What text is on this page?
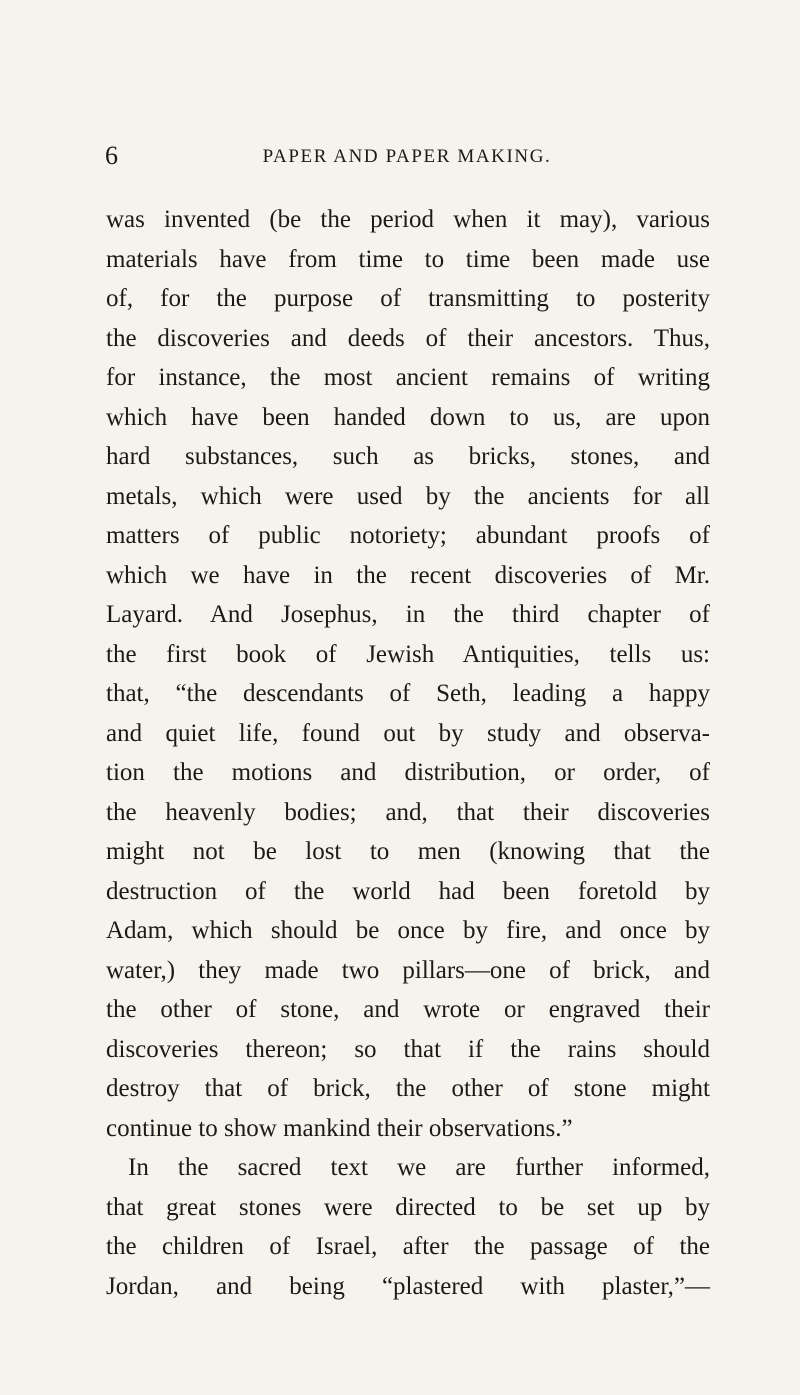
6	PAPER AND PAPER MAKING.
was invented (be the period when it may), various
materials have from time to time been made use
of, for the purpose of transmitting to posterity
the discoveries and deeds of their ancestors. Thus,
for instance, the most ancient remains of writing
which have been handed down to us, are upon
hard substances, such as bricks, stones, and
metals, which were used by the ancients for all
matters of public notoriety; abundant proofs of
which we have in the recent discoveries of Mr.
Layard. And Josephus, in the third chapter of
the first book of Jewish Antiquities, tells us:
that, “the descendants of Seth, leading a happy
and quiet life, found out by study and observa-
tion the motions and distribution, or order, of
the heavenly bodies; and, that their discoveries
might not be lost to men (knowing that the
destruction of the world had been foretold by
Adam, which should be once by fire, and once by
water,) they made two pillars—one of brick, and
the other of stone, and wrote or engraved their
discoveries thereon; so that if the rains should
destroy that of brick, the other of stone might
continue to show mankind their observations.”
In the sacred text we are further informed,
that great stones were directed to be set up by
the children of Israel, after the passage of the
Jordan, and being “plastered with plaster,”—
